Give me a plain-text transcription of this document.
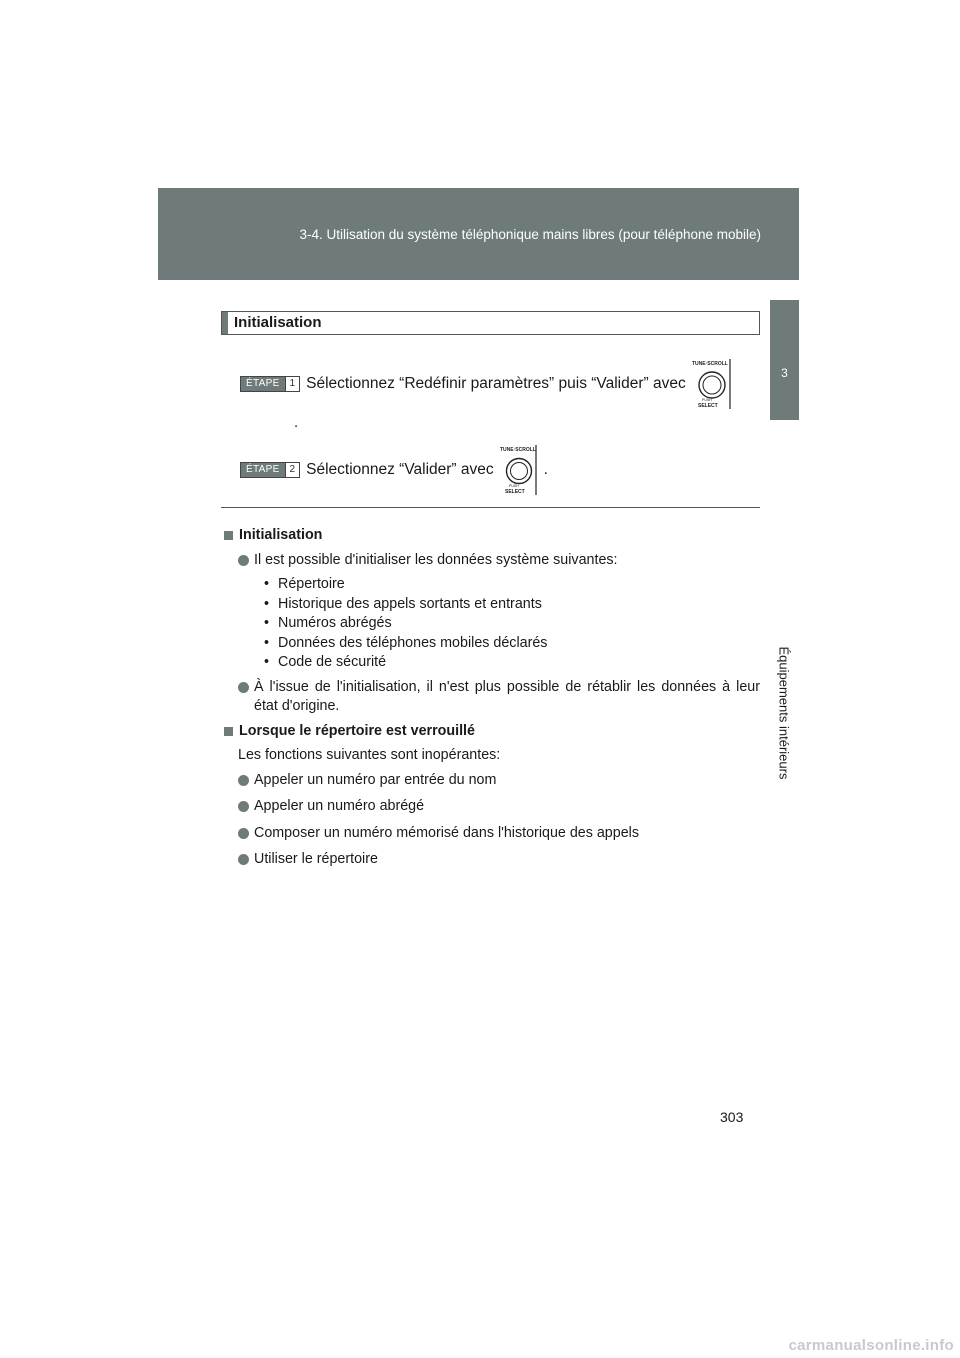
3-4. Utilisation du système téléphonique mains libres (pour téléphone mobile)
3
Équipements intérieurs
Initialisation
ÉTAPE	1 Sélectionnez “Redéfinir paramètres” puis “Valider” avec
TUNE·SCROLL
PUSH
SELECT
.
ÉTAPE	2 Sélectionnez “Valider” avec
TUNE·SCROLL
PUSH
SELECT
.
Initialisation
Il est possible d'initialiser les données système suivantes:
• Répertoire
• Historique des appels sortants et entrants
• Numéros abrégés
• Données des téléphones mobiles déclarés
• Code de sécurité
À l'issue de l'initialisation, il n'est plus possible de rétablir les données à leur état d'origine.
Lorsque le répertoire est verrouillé
Les fonctions suivantes sont inopérantes:
Appeler un numéro par entrée du nom
Appeler un numéro abrégé
Composer un numéro mémorisé dans l'historique des appels
Utiliser le répertoire
303
carmanualsonline.info
